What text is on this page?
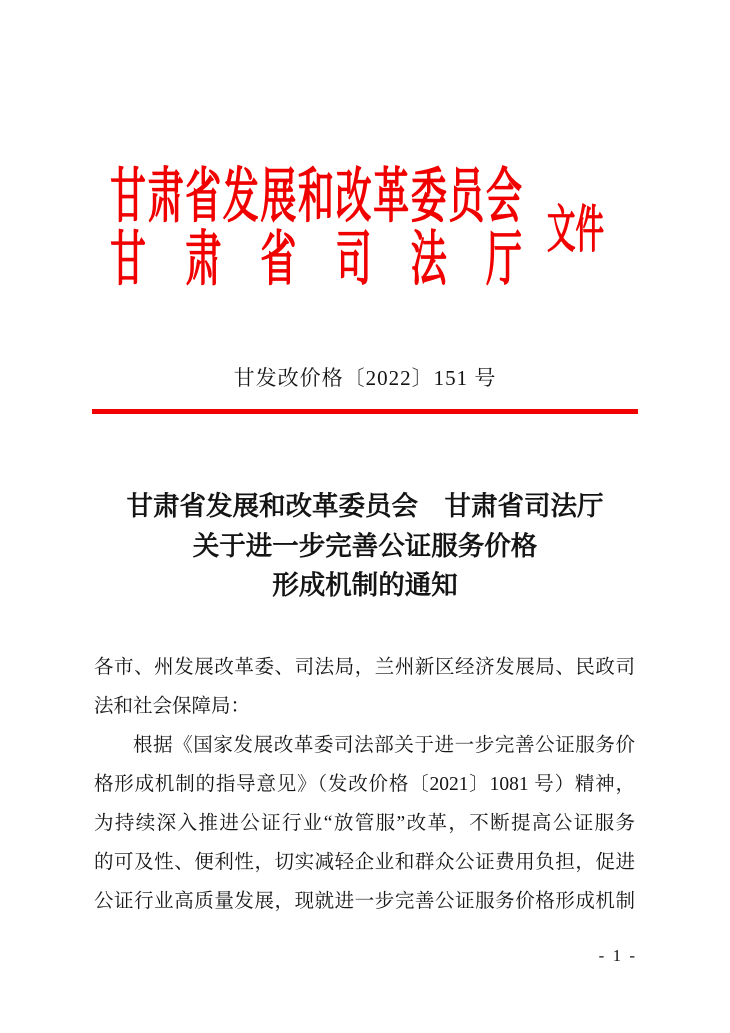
甘 肃 省 发 展 和 改 革 委 员 会
甘 肃 省 司 法 厅 文件
甘发改价格〔2022〕151 号
甘肃省发展和改革委员会　甘肃省司法厅
关于进一步完善公证服务价格
形成机制的通知
各市、州发展改革委、司法局，兰州新区经济发展局、民政司
法和社会保障局：
根据《国家发展改革委司法部关于进一步完善公证服务价
格形成机制的指导意见》（发改价格〔2021〕1081 号）精神，
为持续深入推进公证行业“放管服”改革，不断提高公证服务
的可及性、便利性，切实减轻企业和群众公证费用负担，促进
公证行业高质量发展，现就进一步完善公证服务价格形成机制
- 1 -
